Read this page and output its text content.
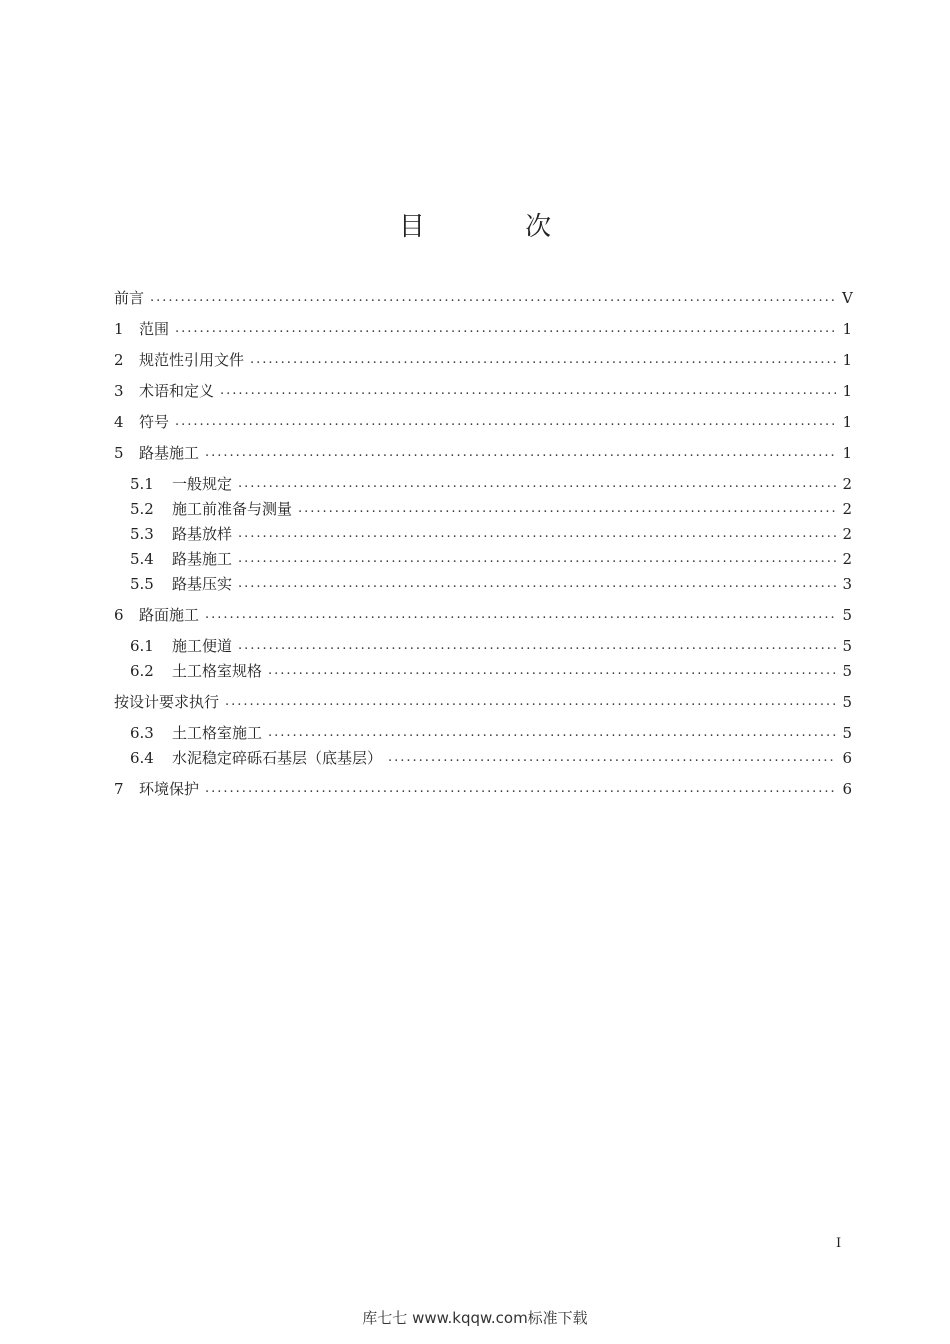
目 次
前言 .....	V
1	范围 .....	1
2	规范性引用文件 .....	1
3	术语和定义 .....	1
4	符号 .....	1
5	路基施工 .....	1
5.1	一般规定 .....	2
5.2	施工前准备与测量 .....	2
5.3	路基放样 .....	2
5.4	路基施工 .....	2
5.5	路基压实 .....	3
6	路面施工 .....	5
6.1	施工便道 .....	5
6.2	土工格室规格 .....	5
按设计要求执行 .....	5
6.3	土工格室施工 .....	5
6.4	水泥稳定碎砾石基层（底基层） .....	6
7	环境保护 .....	6
I
库七七 www.kqqw.com标准下载
